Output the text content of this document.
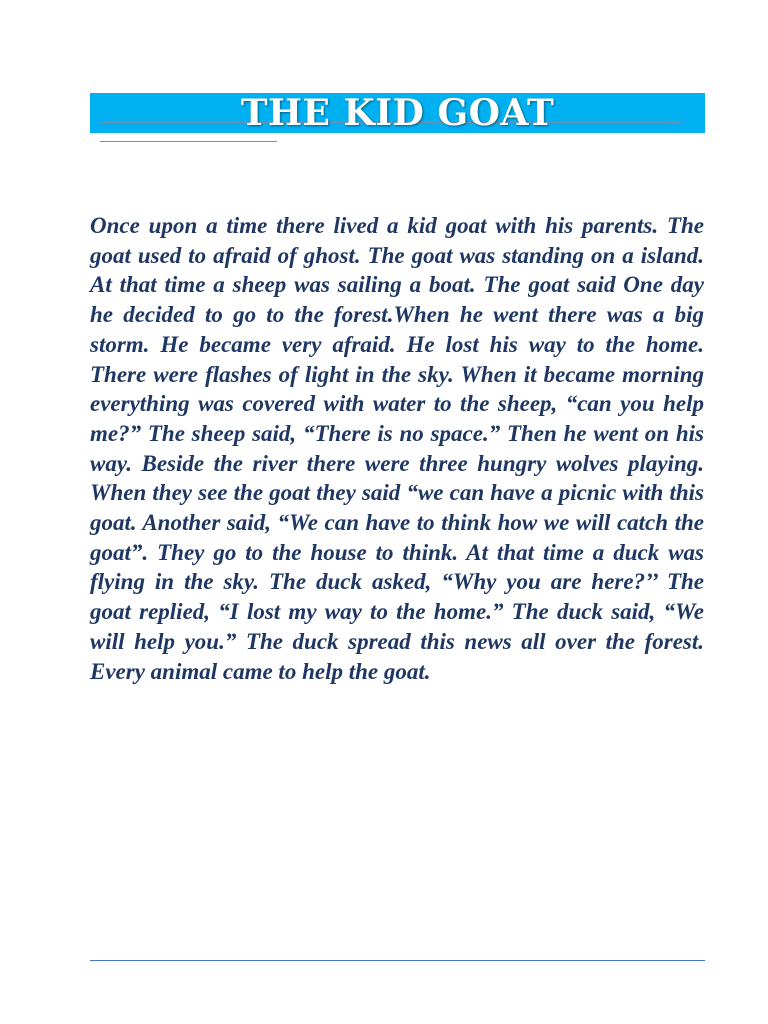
THE KID GOAT

Once upon a time there lived a kid goat with his parents. The goat used to afraid of ghost. The goat was standing on a island. At that time a sheep was sailing a boat. The goat said One day he decided to go to the forest.When he went there was a big storm. He became very afraid. He lost his way to the home. There were flashes of light in the sky. When it became morning everything was covered with water to the sheep, “can you help me?” The sheep said, “There is no space.” Then he went on his way. Beside the river there were three hungry wolves playing. When they see the goat they said “we can have a picnic with this goat. Another said, “We can have to think how we will catch the goat”. They go to the house to think. At that time a duck was flying in the sky. The duck asked, “Why you are here?’’ The goat replied, “I lost my way to the home.” The duck said, “We will help you.” The duck spread this news all over the forest. Every animal came to help the goat.
